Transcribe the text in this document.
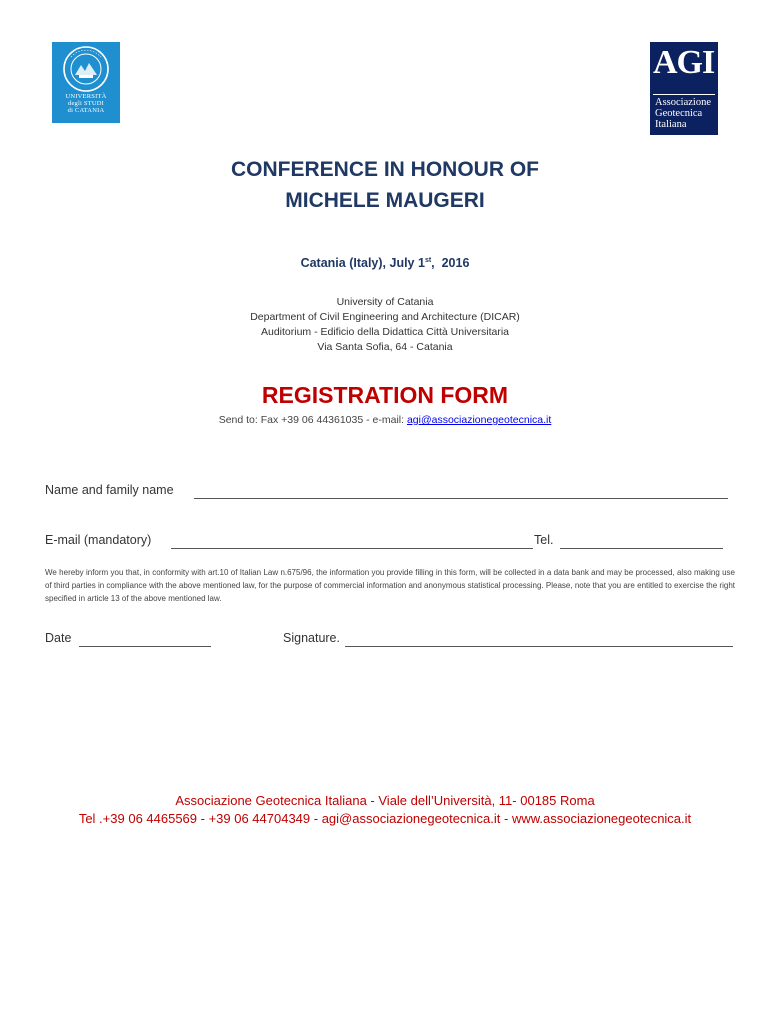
UNIVERSITÀ
degli STUDI
di CATANIA
AGI
Associazione
Geotecnica
Italiana
CONFERENCE IN HONOUR OF
MICHELE MAUGERI
Catania (Italy), July 1st,  2016
University of Catania
Department of Civil Engineering and Architecture (DICAR)
Auditorium - Edificio della Didattica Città Universitaria
Via Santa Sofia, 64 - Catania
REGISTRATION FORM
Send to: Fax +39 06 44361035 - e-mail: agi@associazionegeotecnica.it
Name and family name
E-mail (mandatory)	Tel.
We hereby inform you that, in conformity with art.10 of Italian Law n.675/96, the information you provide filling in this form, will be collected in a data bank and may be processed, also making use of third parties in compliance with the above mentioned law, for the purpose of commercial information and anonymous statistical processing. Please, note that you are entitled to exercise the right specified in article 13 of the above mentioned law.
Date	Signature.
Associazione Geotecnica Italiana - Viale dell’Università, 11- 00185 Roma
Tel .+39 06 4465569 - +39 06 44704349 - agi@associazionegeotecnica.it - www.associazionegeotecnica.it
